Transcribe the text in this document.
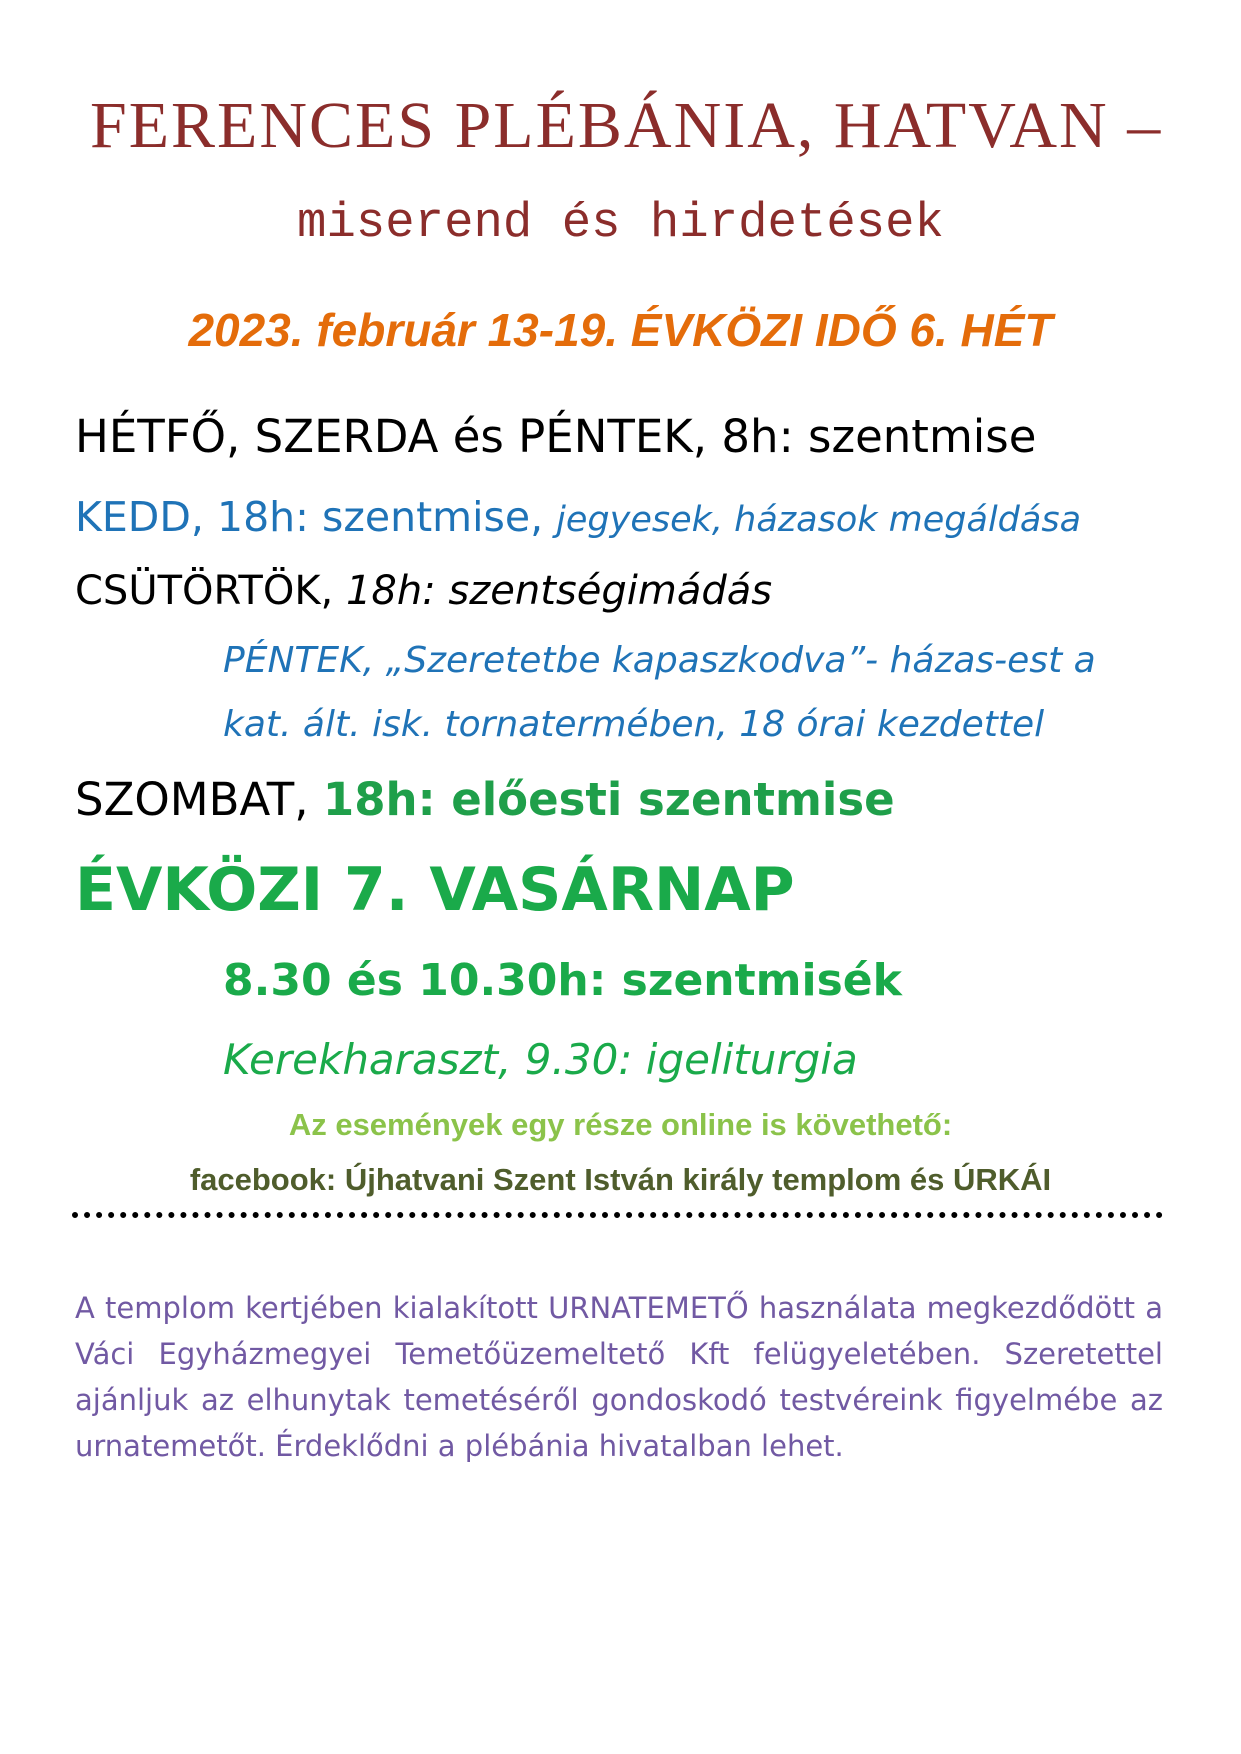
FERENCES PLÉBÁNIA, HATVAN –
miserend és hirdetések
2023. február 13-19. ÉVKÖZI IDŐ 6. HÉT
HÉTFŐ, SZERDA és PÉNTEK, 8h: szentmise
KEDD, 18h: szentmise, jegyesek, házasok megáldása
CSÜTÖRTÖK, 18h: szentségimádás
PÉNTEK, „Szeretetbe kapaszkodva”- házas-est a
kat. ált. isk. tornatermében, 18 órai kezdettel
SZOMBAT, 18h: előesti szentmise
ÉVKÖZI 7. VASÁRNAP
8.30 és 10.30h: szentmisék
Kerekharaszt, 9.30: igeliturgia
Az események egy része online is követhető:
facebook: Újhatvani Szent István király templom és ÚRKÁI
A templom kertjében kialakított URNATEMETŐ használata megkezdődött a Váci Egyházmegyei Temetőüzemeltető Kft felügyeletében. Szeretettel ajánljuk az elhunytak temetéséről gondoskodó testvéreink figyelmébe az urnatemetőt. Érdeklődni a plébánia hivatalban lehet.
